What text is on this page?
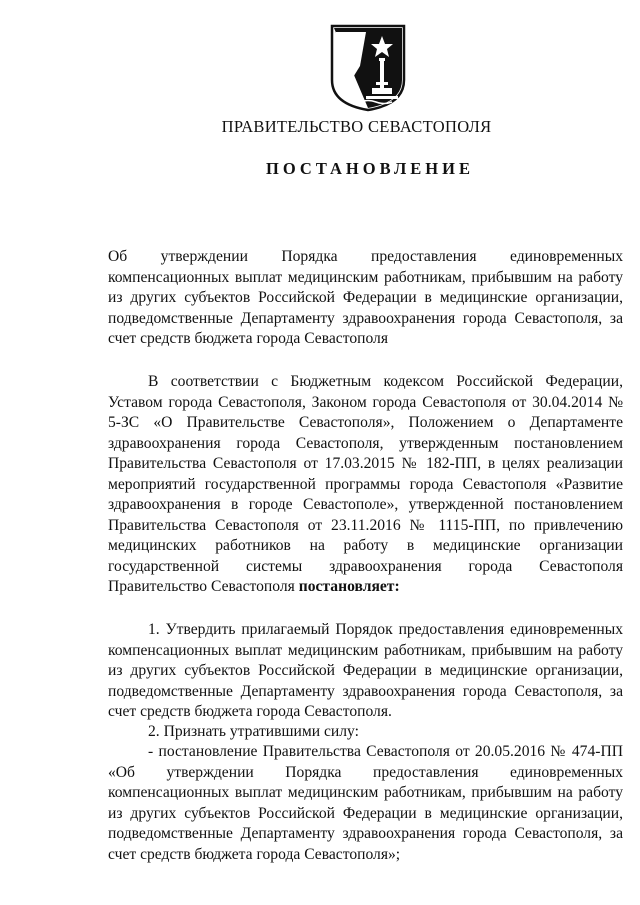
ПРАВИТЕЛЬСТВО СЕВАСТОПОЛЯ
ПОСТАНОВЛЕНИЕ

Об утверждении Порядка предоставления единовременных компенсационных выплат медицинским работникам, прибывшим на работу из других субъектов Российской Федерации в медицинские организации, подведомственные Департаменту здравоохранения города Севастополя, за счет средств бюджета города Севастополя

В соответствии с Бюджетным кодексом Российской Федерации, Уставом города Севастополя, Законом города Севастополя от 30.04.2014 № 5-ЗС «О Правительстве Севастополя», Положением о Департаменте здравоохранения города Севастополя, утвержденным постановлением Правительства Севастополя от 17.03.2015 № 182-ПП, в целях реализации мероприятий государственной программы города Севастополя «Развитие здравоохранения в городе Севастополе», утвержденной постановлением Правительства Севастополя от 23.11.2016 № 1115-ПП, по привлечению медицинских работников на работу в медицинские организации государственной системы здравоохранения города Севастополя Правительство Севастополя постановляет:

1. Утвердить прилагаемый Порядок предоставления единовременных компенсационных выплат медицинским работникам, прибывшим на работу из других субъектов Российской Федерации в медицинские организации, подведомственные Департаменту здравоохранения города Севастополя, за счет средств бюджета города Севастополя.

2. Признать утратившими силу:

- постановление Правительства Севастополя от 20.05.2016 № 474-ПП «Об утверждении Порядка предоставления единовременных компенсационных выплат медицинским работникам, прибывшим на работу из других субъектов Российской Федерации в медицинские организации, подведомственные Департаменту здравоохранения города Севастополя, за счет средств бюджета города Севастополя»;
